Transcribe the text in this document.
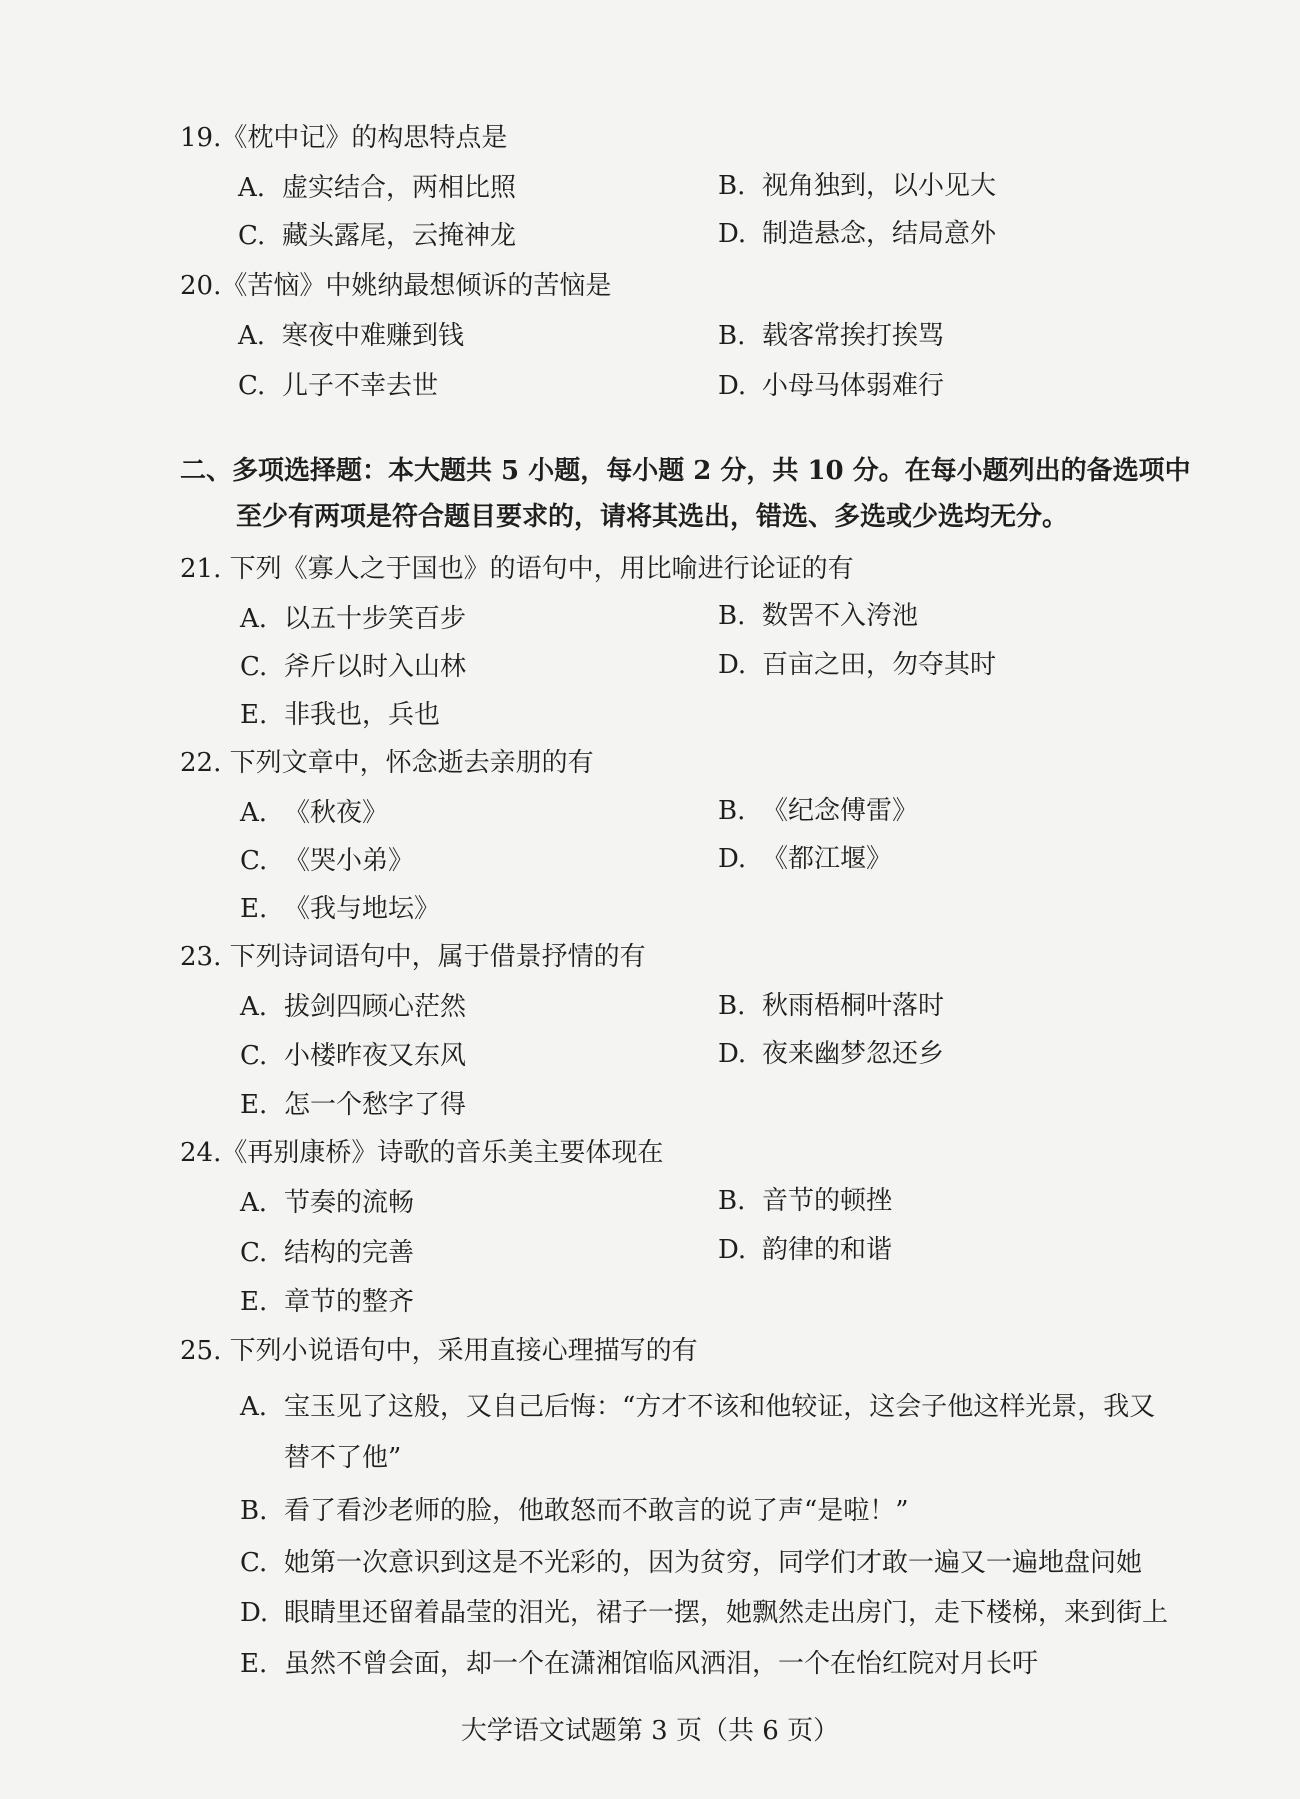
19.《枕中记》的构思特点是
A. 虚实结合，两相比照	B. 视角独到，以小见大
C. 藏头露尾，云掩神龙	D. 制造悬念，结局意外
20.《苦恼》中姚纳最想倾诉的苦恼是
A. 寒夜中难赚到钱	B. 载客常挨打挨骂
C. 儿子不幸去世	D. 小母马体弱难行
二、多项选择题：本大题共 5 小题，每小题 2 分，共 10 分。在每小题列出的备选项中
至少有两项是符合题目要求的，请将其选出，错选、多选或少选均无分。
21. 下列《寡人之于国也》的语句中，用比喻进行论证的有
A. 以五十步笑百步	B. 数罟不入洿池
C. 斧斤以时入山林	D. 百亩之田，勿夺其时
E. 非我也，兵也
22. 下列文章中，怀念逝去亲朋的有
A. 《秋夜》	B. 《纪念傅雷》
C. 《哭小弟》	D. 《都江堰》
E. 《我与地坛》
23. 下列诗词语句中，属于借景抒情的有
A. 拔剑四顾心茫然	B. 秋雨梧桐叶落时
C. 小楼昨夜又东风	D. 夜来幽梦忽还乡
E. 怎一个愁字了得
24.《再别康桥》诗歌的音乐美主要体现在
A. 节奏的流畅	B. 音节的顿挫
C. 结构的完善	D. 韵律的和谐
E. 章节的整齐
25. 下列小说语句中，采用直接心理描写的有
A. 宝玉见了这般，又自己后悔：“方才不该和他较证，这会子他这样光景，我又
替不了他”
B. 看了看沙老师的脸，他敢怒而不敢言的说了声“是啦！”
C. 她第一次意识到这是不光彩的，因为贫穷，同学们才敢一遍又一遍地盘问她
D. 眼睛里还留着晶莹的泪光，裙子一摆，她飘然走出房门，走下楼梯，来到街上
E. 虽然不曾会面，却一个在潇湘馆临风洒泪，一个在怡红院对月长吁
大学语文试题第 3 页（共 6 页）
